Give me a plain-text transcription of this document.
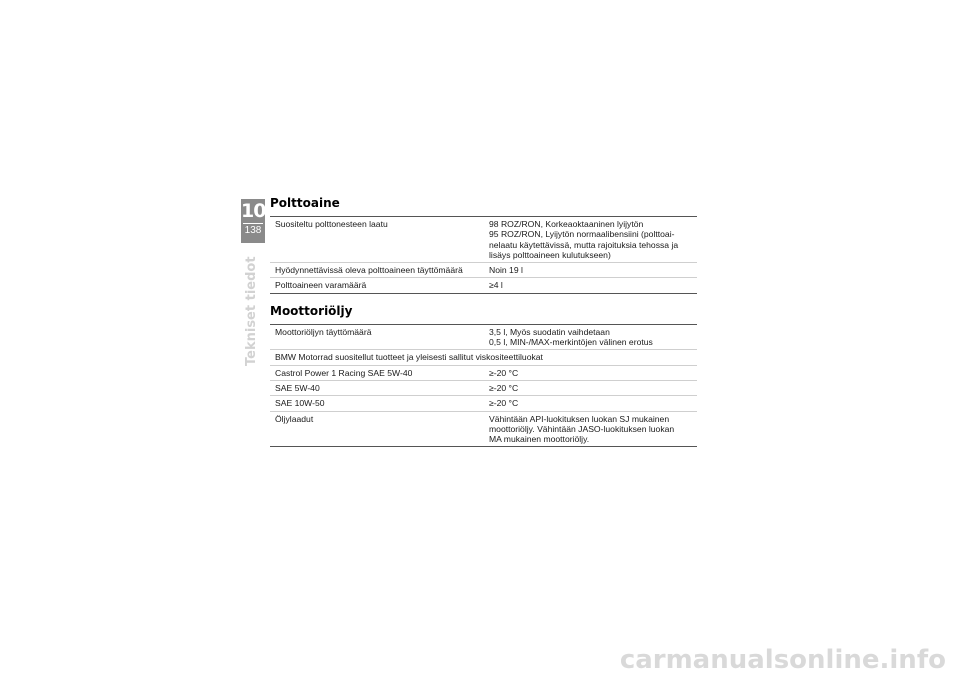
10
138
Tekniset tiedot
Polttoaine
Suositeltu polttonesteen laatu	98 ROZ/RON, Korkeaoktaaninen lyijytön
95 ROZ/RON, Lyijytön normaalibensiini (polttoai-
nelaatu käytettävissä, mutta rajoituksia tehossa ja
lisäys polttoaineen kulutukseen)
Hyödynnettävissä oleva polttoaineen täyttömäärä	Noin 19 l
Polttoaineen varamäärä	≥4 l
Moottoriöljy
Moottoriöljyn täyttömäärä	3,5 l, Myös suodatin vaihdetaan
0,5 l, MIN-/MAX-merkintöjen välinen erotus
BMW Motorrad suositellut tuotteet ja yleisesti sallitut viskositeettiluokat
Castrol Power 1 Racing SAE 5W-40	≥-20 °C
SAE 5W-40	≥-20 °C
SAE 10W-50	≥-20 °C
Öljylaadut	Vähintään API-luokituksen luokan SJ mukainen
moottoriöljy. Vähintään JASO-luokituksen luokan
MA mukainen moottoriöljy.
carmanualsonline.info
